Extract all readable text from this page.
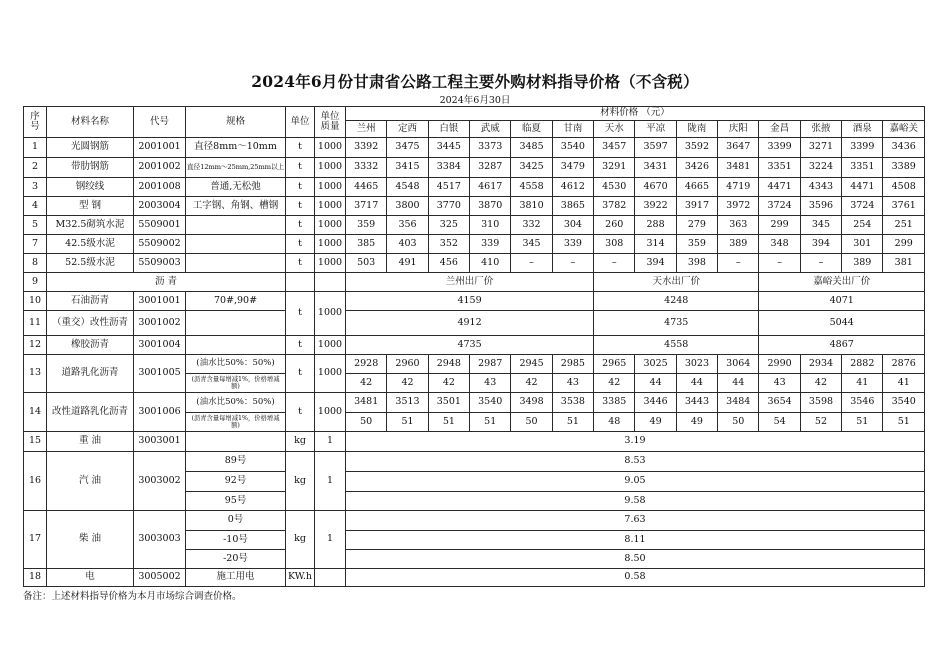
2024年6月份甘肃省公路工程主要外购材料指导价格（不含税）
2024年6月30日
序
号	材料名称	代号	规格	单位	单位
质量	材料价格 （元）													
						兰州	定西	白银	武威	临夏	甘南	天水	平凉	陇南	庆阳	金昌	张掖	酒泉	嘉峪关
1	光圆钢筋	2001001	直径8mm～10mm	t	1000	3392	3475	3445	3373	3485	3540	3457	3597	3592	3647	3399	3271	3399	3436
2	带肋钢筋	2001002	直径12mm～25mm,25mm以上	t	1000	3332	3415	3384	3287	3425	3479	3291	3431	3426	3481	3351	3224	3351	3389
3	钢绞线	2001008	普通,无松弛	t	1000	4465	4548	4517	4617	4558	4612	4530	4670	4665	4719	4471	4343	4471	4508
4	型 钢	2003004	工字钢、角钢、槽钢	t	1000	3717	3800	3770	3870	3810	3865	3782	3922	3917	3972	3724	3596	3724	3761
5	M32.5砌筑水泥	5509001		t	1000	359	356	325	310	332	304	260	288	279	363	299	345	254	251
7	42.5级水泥	5509002		t	1000	385	403	352	339	345	339	308	314	359	389	348	394	301	299
8	52.5级水泥	5509003		t	1000	503	491	456	410	–	–	–	394	398	–	–	–	389	381
9	沥 青					兰州出厂价						天水出厂价				嘉峪关出厂价			
10	石油沥青	3001001	70#,90#	t	1000	4159						4248				4071			
11	（重交）改性沥青	3001002				4912						4735				5044			
12	橡胶沥青	3001004		t	1000	4735						4558				4867			
13	道路乳化沥青	3001005	(油水比50%：50%)	t	1000	2928	2960	2948	2987	2945	2985	2965	3025	3023	3064	2990	2934	2882	2876
			(沥青含量每增减1%，价格增减额)			42	42	42	43	42	43	42	44	44	44	43	42	41	41
14	改性道路乳化沥青	3001006	(油水比50%：50%)	t	1000	3481	3513	3501	3540	3498	3538	3385	3446	3443	3484	3654	3598	3546	3540
			(沥青含量每增减1%，价格增减额)			50	51	51	51	50	51	48	49	49	50	54	52	51	51
15	重 油	3003001		kg	1	3.19													
16	汽 油	3003002	89号	kg	1	8.53													
			92号			9.05													
			95号			9.58													
17	柴 油	3003003	0号	kg	1	7.63													
			-10号			8.11													
			-20号			8.50													
18	电	3005002	施工用电	KW.h		0.58													
备注：上述材料指导价格为本月市场综合调查价格。
